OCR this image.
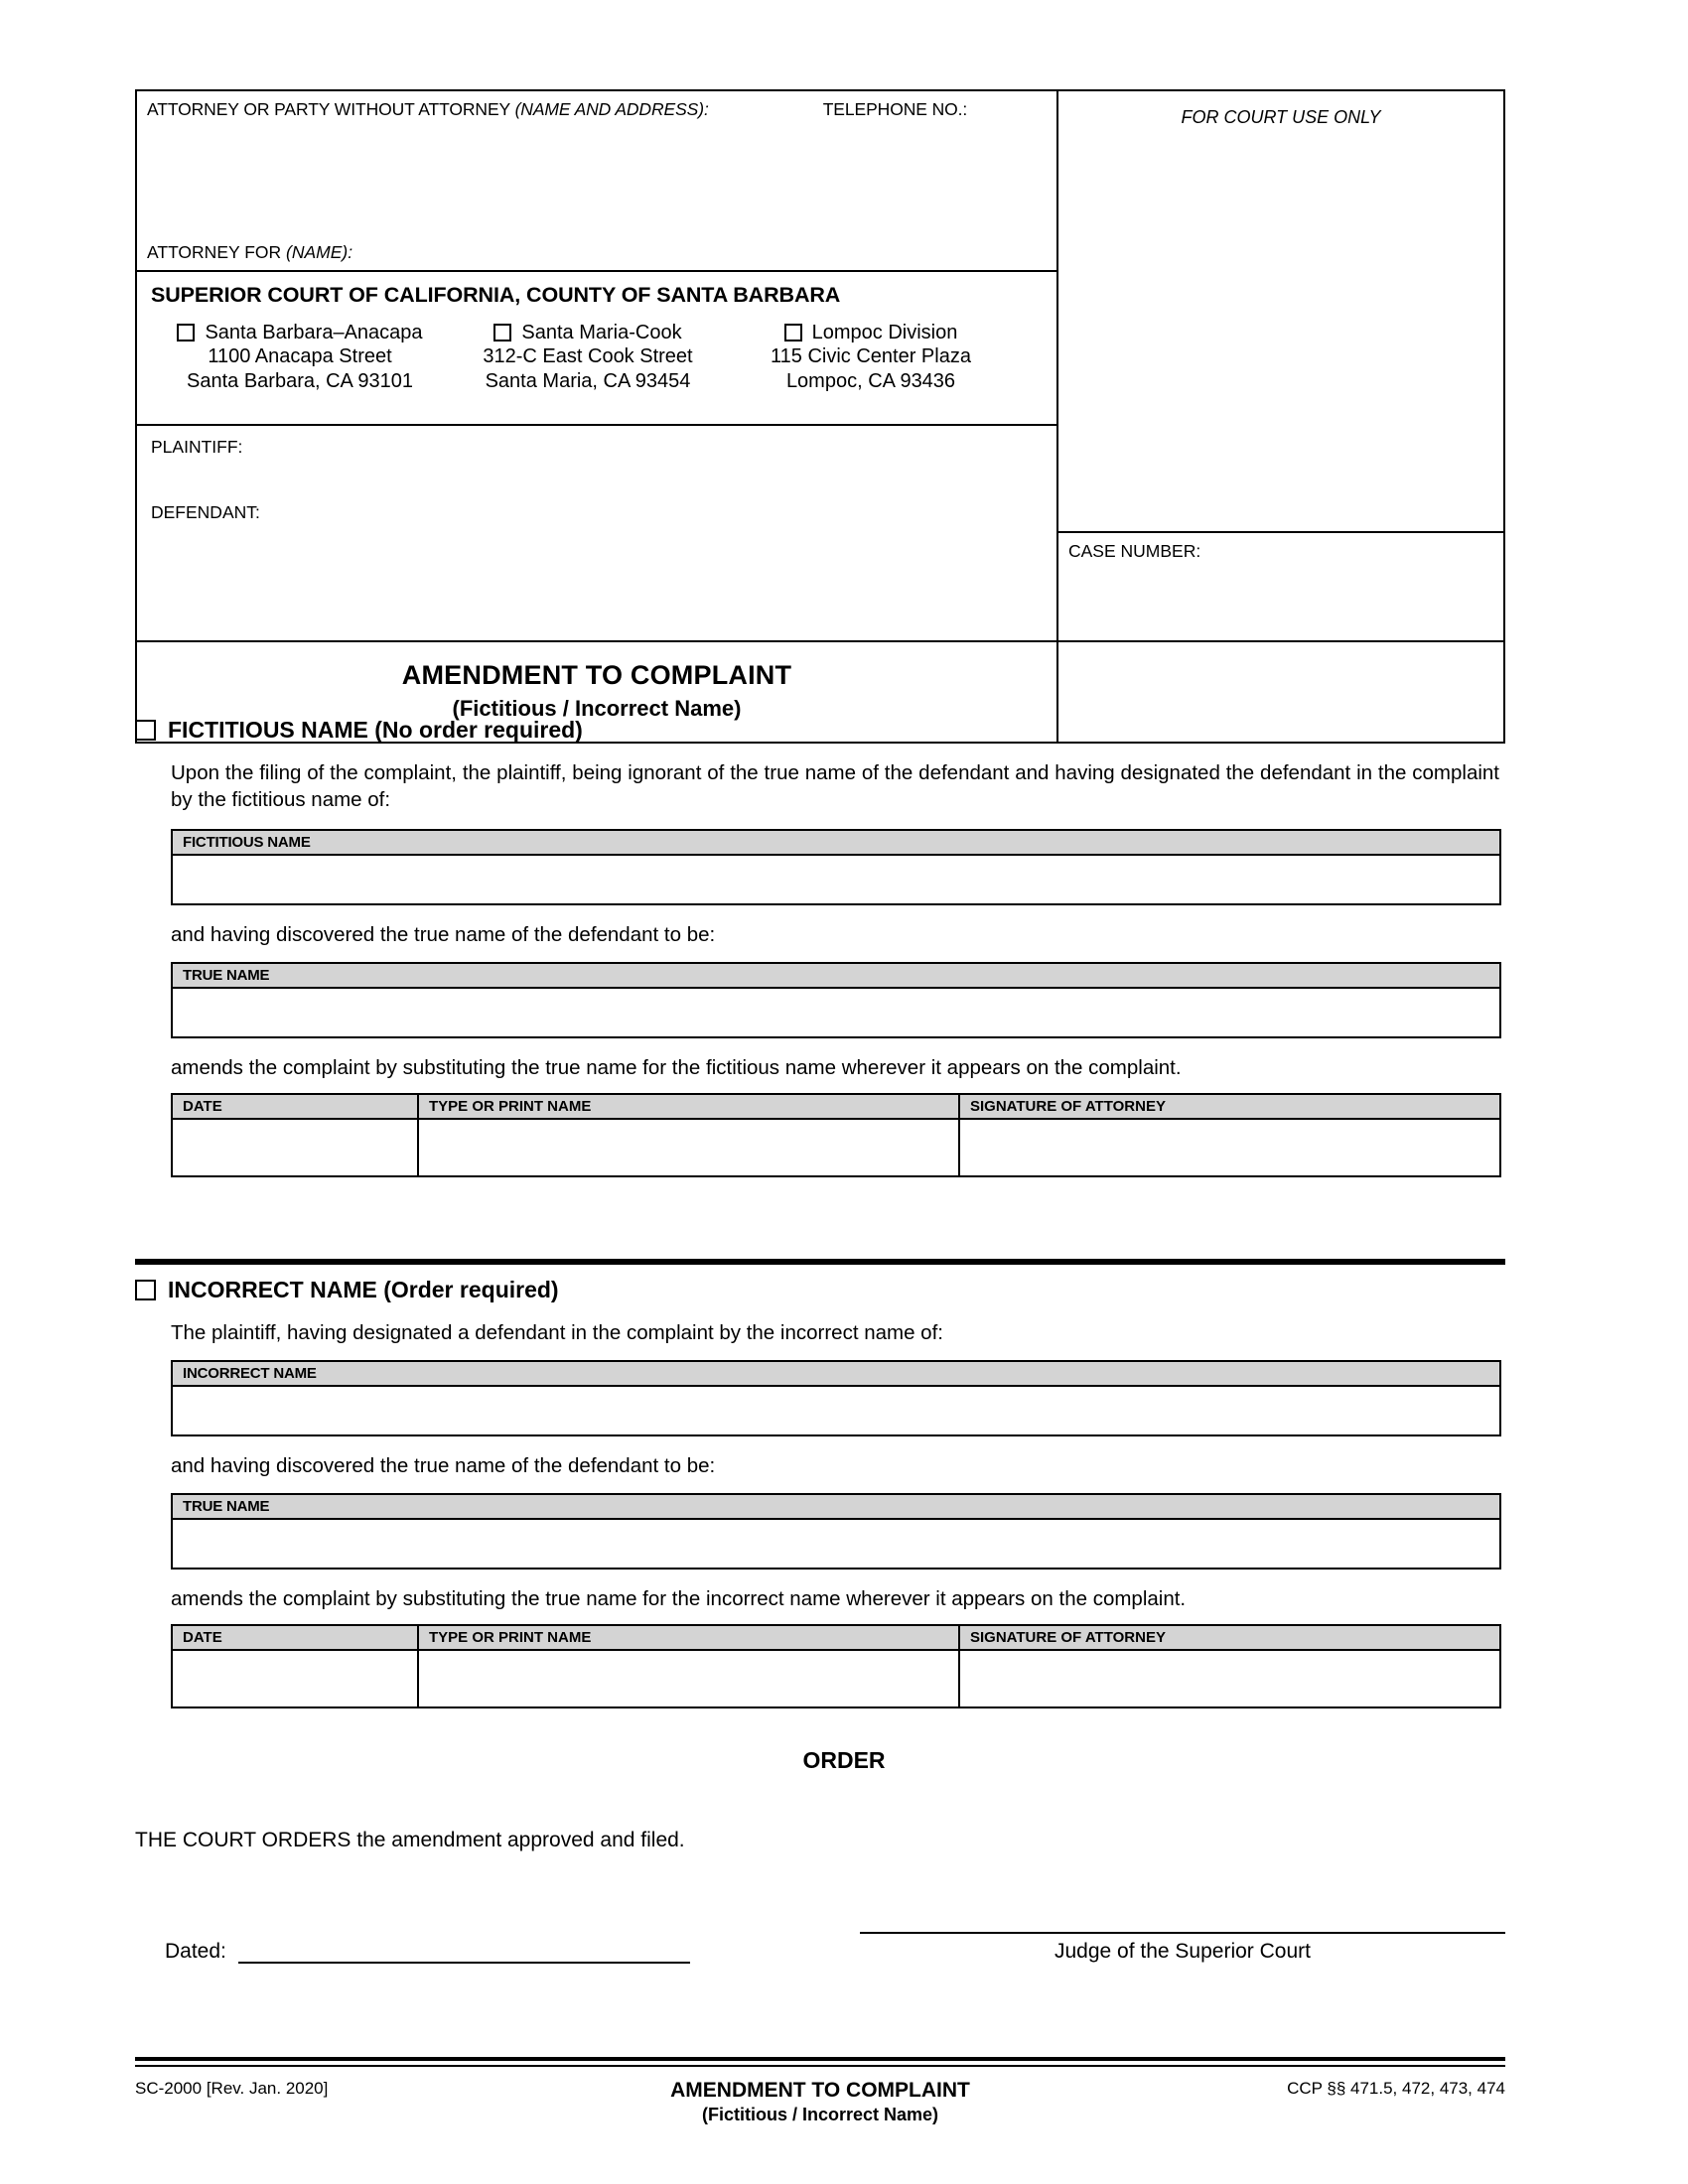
ATTORNEY OR PARTY WITHOUT ATTORNEY (NAME AND ADDRESS):	TELEPHONE NO.:
ATTORNEY FOR (NAME):
SUPERIOR COURT OF CALIFORNIA, COUNTY OF SANTA BARBARA
Santa Barbara–Anacapa
1100 Anacapa Street
Santa Barbara, CA 93101
Santa Maria-Cook
312-C East Cook Street
Santa Maria, CA 93454
Lompoc Division
115 Civic Center Plaza
Lompoc, CA 93436
PLAINTIFF:
DEFENDANT:
FOR COURT USE ONLY
CASE NUMBER:
AMENDMENT TO COMPLAINT
(Fictitious / Incorrect Name)
FICTITIOUS NAME (No order required)
Upon the filing of the complaint, the plaintiff, being ignorant of the true name of the defendant and having designated the defendant in the complaint by the fictitious name of:
FICTITIOUS NAME
and having discovered the true name of the defendant to be:
TRUE NAME
amends the complaint by substituting the true name for the fictitious name wherever it appears on the complaint.
DATE	TYPE OR PRINT NAME	SIGNATURE OF ATTORNEY
INCORRECT NAME (Order required)
The plaintiff, having designated a defendant in the complaint by the incorrect name of:
INCORRECT NAME
and having discovered the true name of the defendant to be:
TRUE NAME
amends the complaint by substituting the true name for the incorrect name wherever it appears on the complaint.
DATE	TYPE OR PRINT NAME	SIGNATURE OF ATTORNEY
ORDER
THE COURT ORDERS the amendment approved and filed.
Dated:	Judge of the Superior Court
SC-2000 [Rev. Jan. 2020]	AMENDMENT TO COMPLAINT
(Fictitious / Incorrect Name)
CCP §§ 471.5, 472, 473, 474
